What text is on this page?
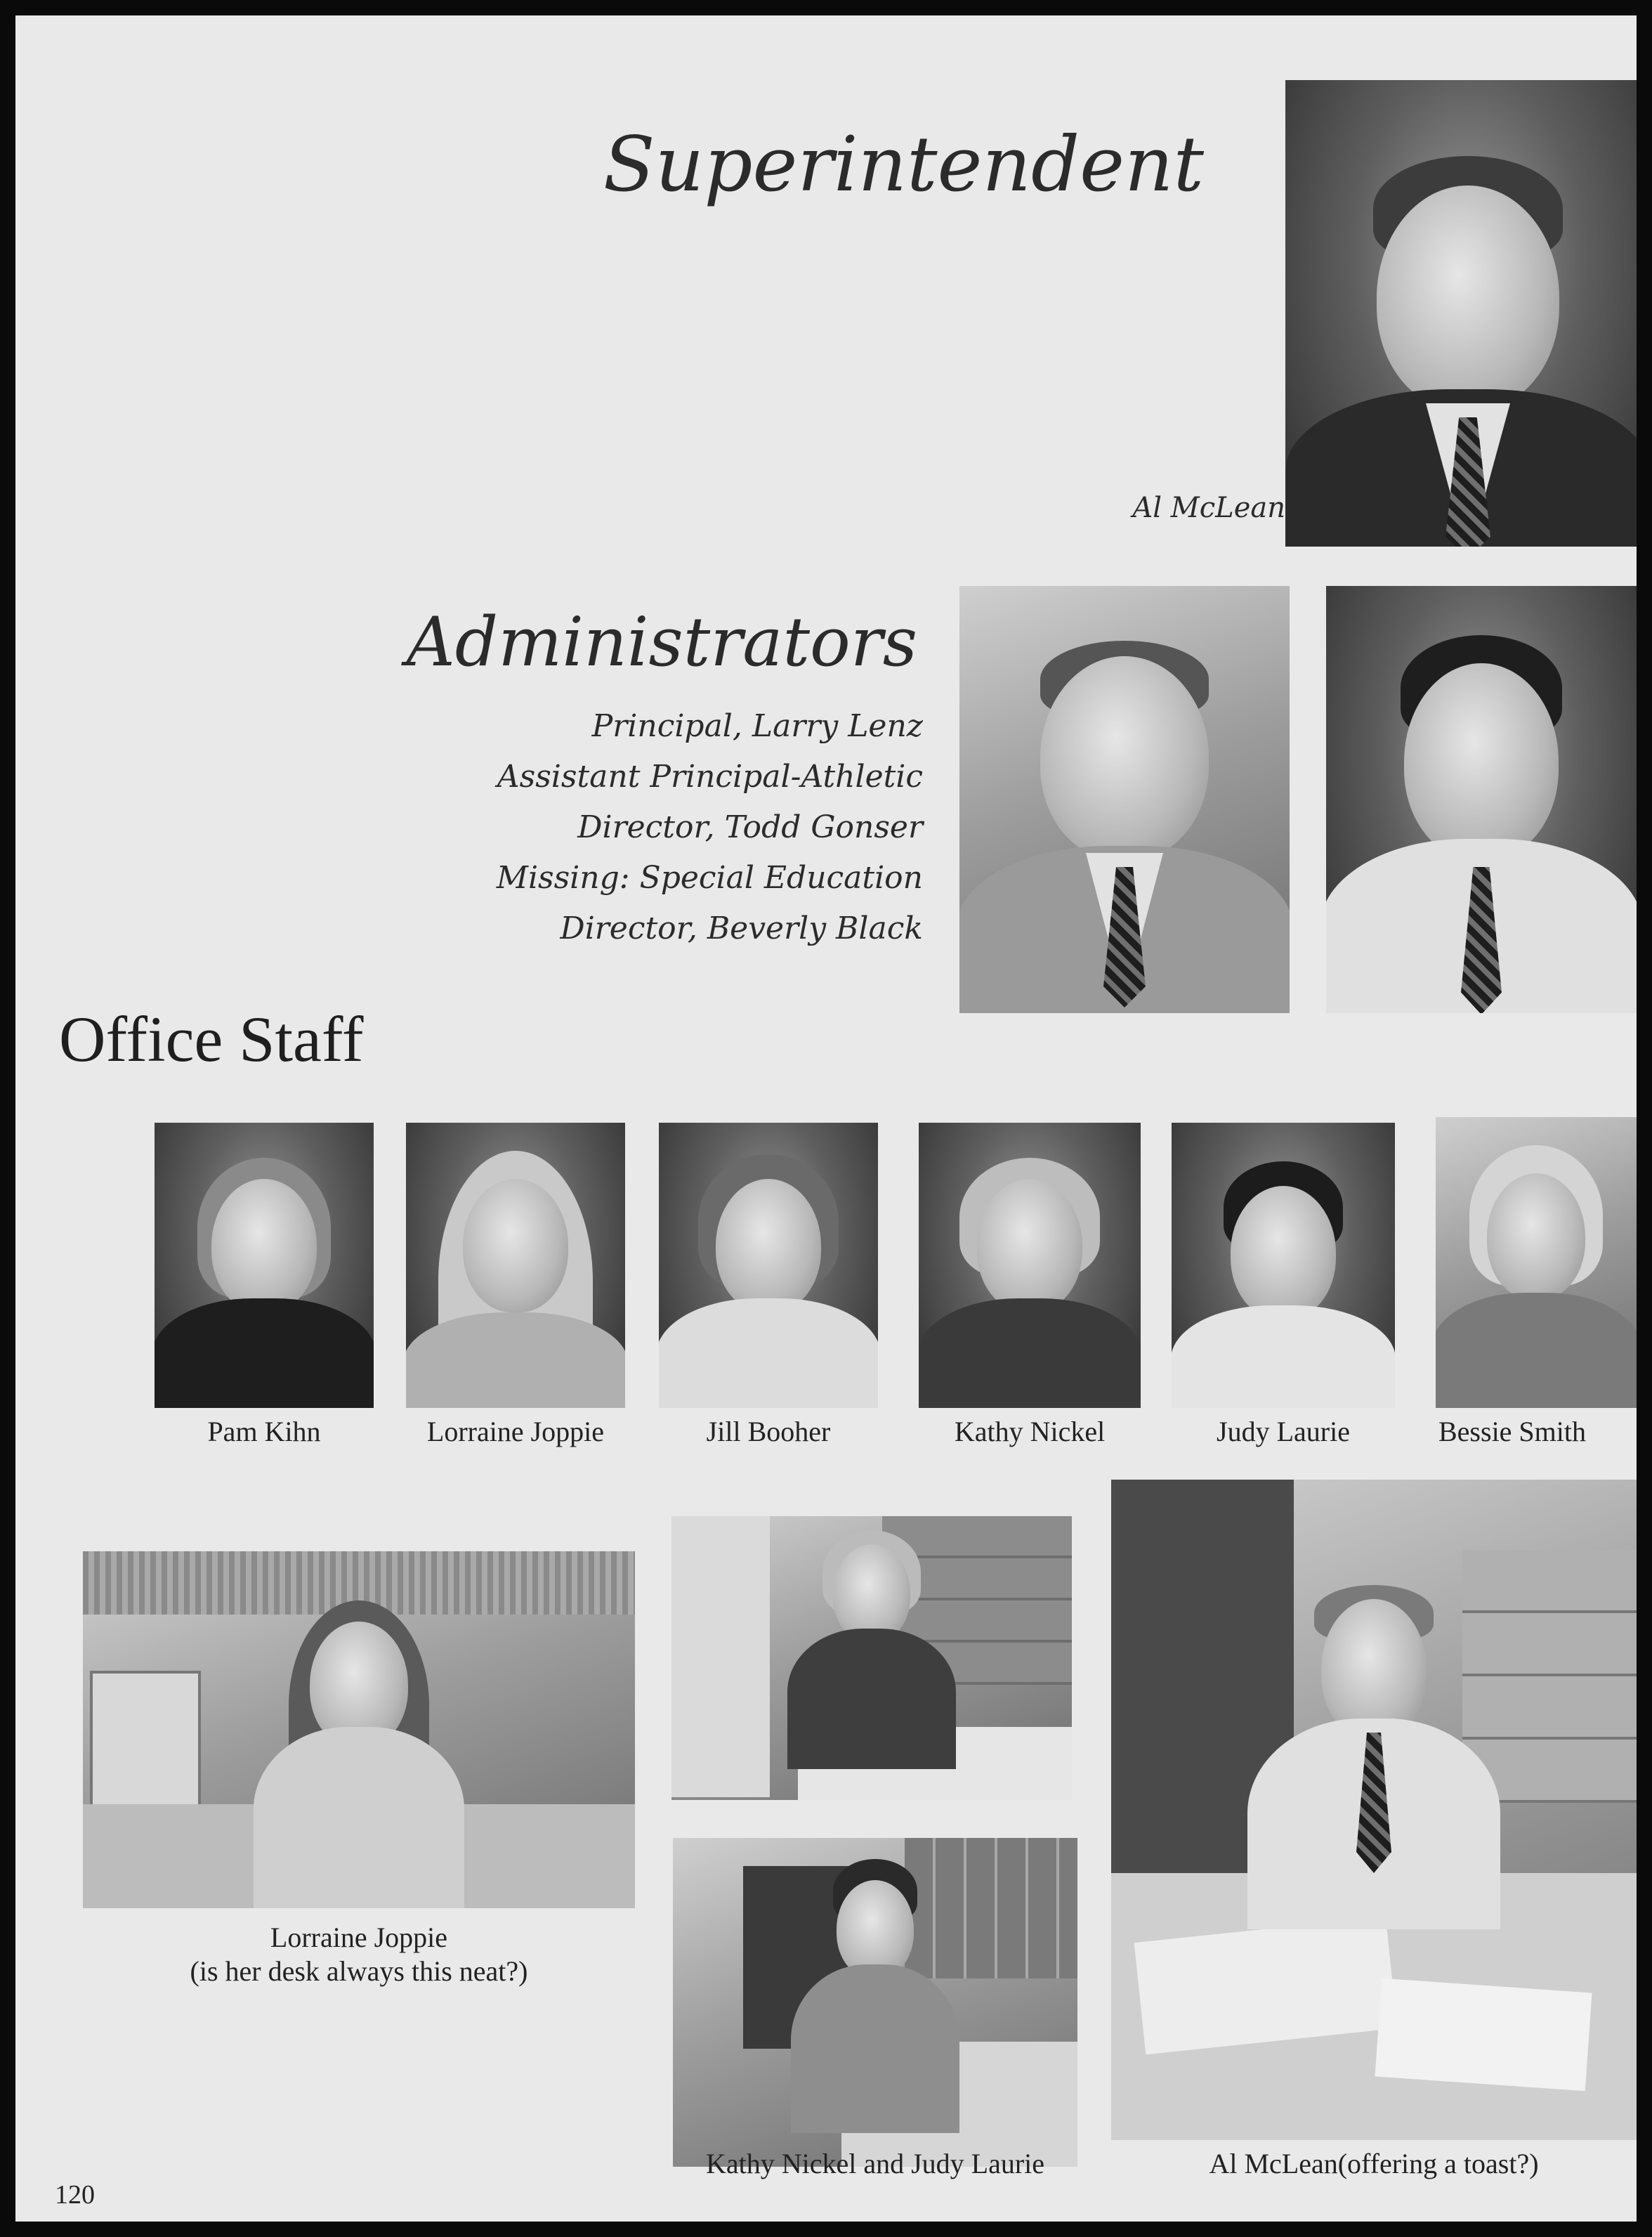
Superintendent
Al McLean
Administrators
Principal, Larry Lenz
Assistant Principal-Athletic
Director, Todd Gonser
Missing: Special Education
Director, Beverly Black
Office Staff
Pam Kihn	Lorraine Joppie	Jill Booher	Kathy Nickel	Judy Laurie	Bessie Smith
Lorraine Joppie
(is her desk always this neat?)
Kathy Nickel and Judy Laurie	Al McLean(offering a toast?)
120
